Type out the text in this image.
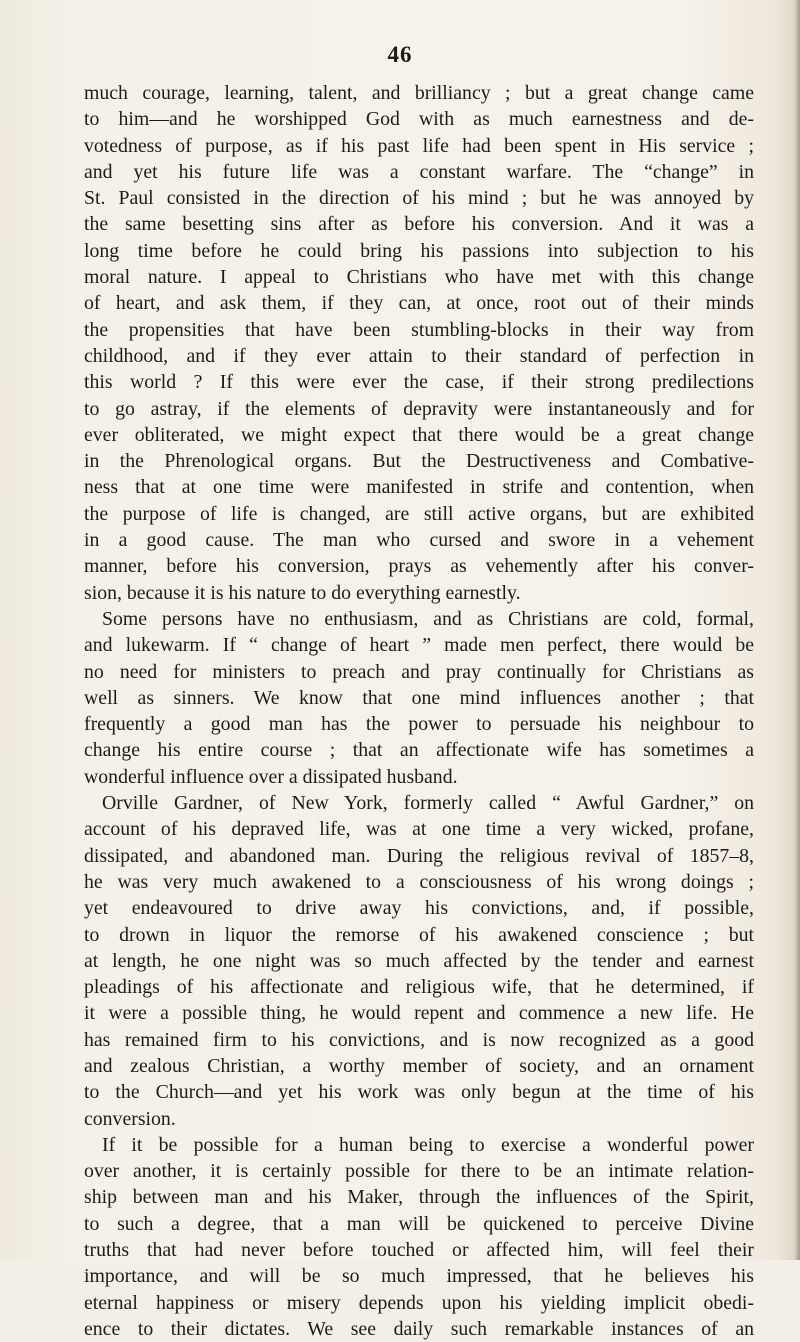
46
much courage, learning, talent, and brilliancy ; but a great change came
to him—and he worshipped God with as much earnestness and de-
votedness of purpose, as if his past life had been spent in His service ;
and yet his future life was a constant warfare. The “change” in
St. Paul consisted in the direction of his mind ; but he was annoyed by
the same besetting sins after as before his conversion. And it was a
long time before he could bring his passions into subjection to his
moral nature. I appeal to Christians who have met with this change
of heart, and ask them, if they can, at once, root out of their minds
the propensities that have been stumbling-blocks in their way from
childhood, and if they ever attain to their standard of perfection in
this world ? If this were ever the case, if their strong predilections
to go astray, if the elements of depravity were instantaneously and for
ever obliterated, we might expect that there would be a great change
in the Phrenological organs. But the Destructiveness and Combative-
ness that at one time were manifested in strife and contention, when
the purpose of life is changed, are still active organs, but are exhibited
in a good cause. The man who cursed and swore in a vehement
manner, before his conversion, prays as vehemently after his conver-
sion, because it is his nature to do everything earnestly.
Some persons have no enthusiasm, and as Christians are cold, formal,
and lukewarm. If “ change of heart ” made men perfect, there would be
no need for ministers to preach and pray continually for Christians as
well as sinners. We know that one mind influences another ; that
frequently a good man has the power to persuade his neighbour to
change his entire course ; that an affectionate wife has sometimes a
wonderful influence over a dissipated husband.
Orville Gardner, of New York, formerly called “ Awful Gardner,” on
account of his depraved life, was at one time a very wicked, profane,
dissipated, and abandoned man. During the religious revival of 1857–8,
he was very much awakened to a consciousness of his wrong doings ;
yet endeavoured to drive away his convictions, and, if possible,
to drown in liquor the remorse of his awakened conscience ; but
at length, he one night was so much affected by the tender and earnest
pleadings of his affectionate and religious wife, that he determined, if
it were a possible thing, he would repent and commence a new life. He
has remained firm to his convictions, and is now recognized as a good
and zealous Christian, a worthy member of society, and an ornament
to the Church—and yet his work was only begun at the time of his
conversion.
If it be possible for a human being to exercise a wonderful power
over another, it is certainly possible for there to be an intimate relation-
ship between man and his Maker, through the influences of the Spirit,
to such a degree, that a man will be quickened to perceive Divine
truths that had never before touched or affected him, will feel their
importance, and will be so much impressed, that he believes his
eternal happiness or misery depends upon his yielding implicit obedi-
ence to their dictates. We see daily such remarkable instances of an
